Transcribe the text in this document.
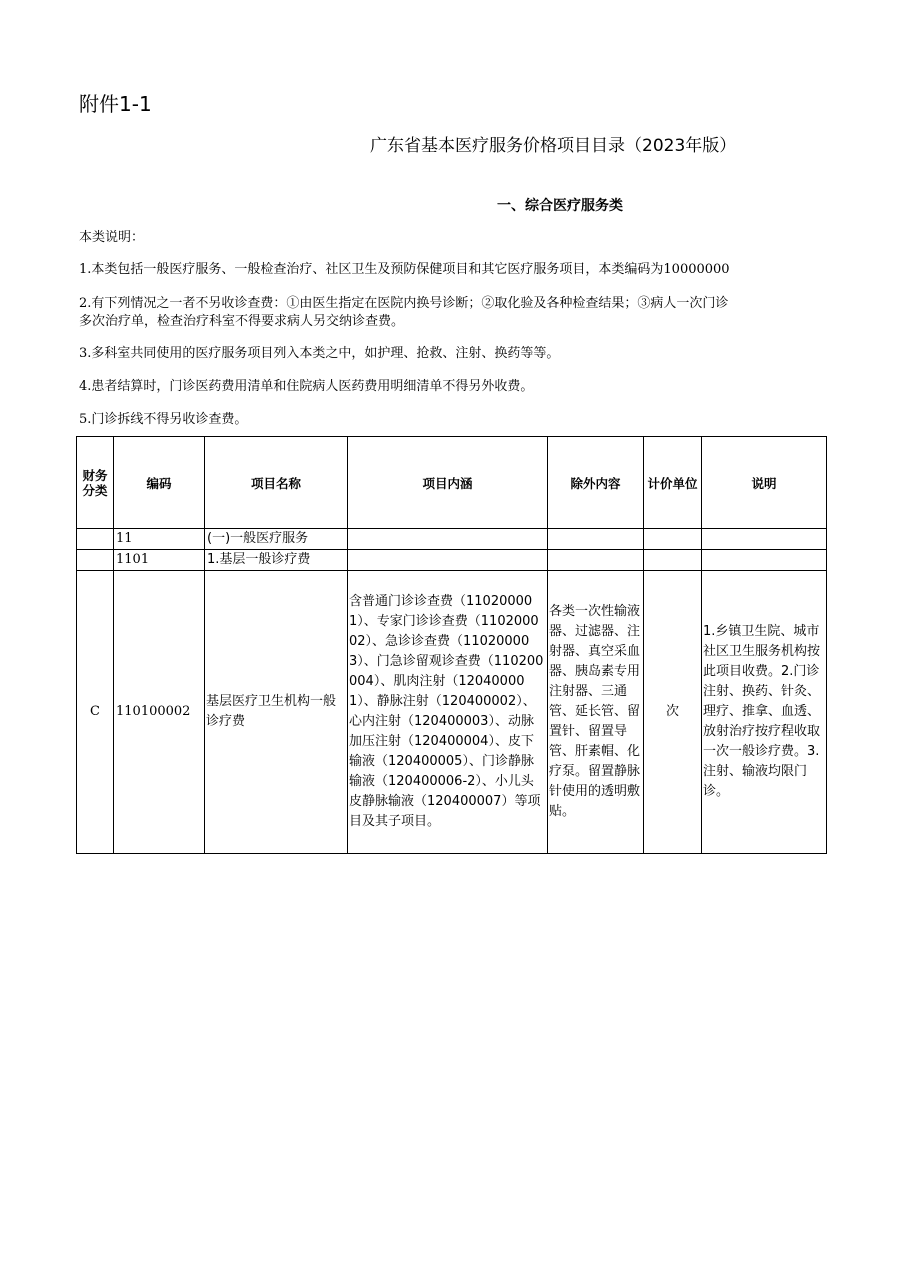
附件1-1
广东省基本医疗服务价格项目目录（2023年版）
一、综合医疗服务类
本类说明：
1.本类包括一般医疗服务、一般检查治疗、社区卫生及预防保健项目和其它医疗服务项目，本类编码为10000000
2.有下列情况之一者不另收诊查费：①由医生指定在医院内换号诊断；②取化验及各种检查结果；③病人一次门诊
多次治疗单，检查治疗科室不得要求病人另交纳诊查费。
3.多科室共同使用的医疗服务项目列入本类之中，如护理、抢救、注射、换药等等。
4.患者结算时，门诊医药费用清单和住院病人医药费用明细清单不得另外收费。
5.门诊拆线不得另收诊查费。
财务
分类	编码	项目名称	项目内涵	除外内容	计价单位	说明
	11	(一)一般医疗服务				
	1101	1.基层一般诊疗费				
C	110100002	基层医疗卫生机构一般诊疗费	含普通门诊诊查费（110200001）、专家门诊诊查费（110200002）、急诊诊查费（110200003）、门急诊留观诊查费（110200004）、肌肉注射（120400001）、静脉注射（120400002）、心内注射（120400003）、动脉加压注射（120400004）、皮下输液（120400005）、门诊静脉输液（120400006-2）、小儿头皮静脉输液（120400007）等项目及其子项目。	各类一次性输液器、过滤器、注射器、真空采血器、胰岛素专用注射器、三通管、延长管、留置针、留置导管、肝素帽、化疗泵。留置静脉针使用的透明敷贴。	次	1.乡镇卫生院、城市社区卫生服务机构按此项目收费。2.门诊注射、换药、针灸、理疗、推拿、血透、放射治疗按疗程收取一次一般诊疗费。3.注射、输液均限门诊。
